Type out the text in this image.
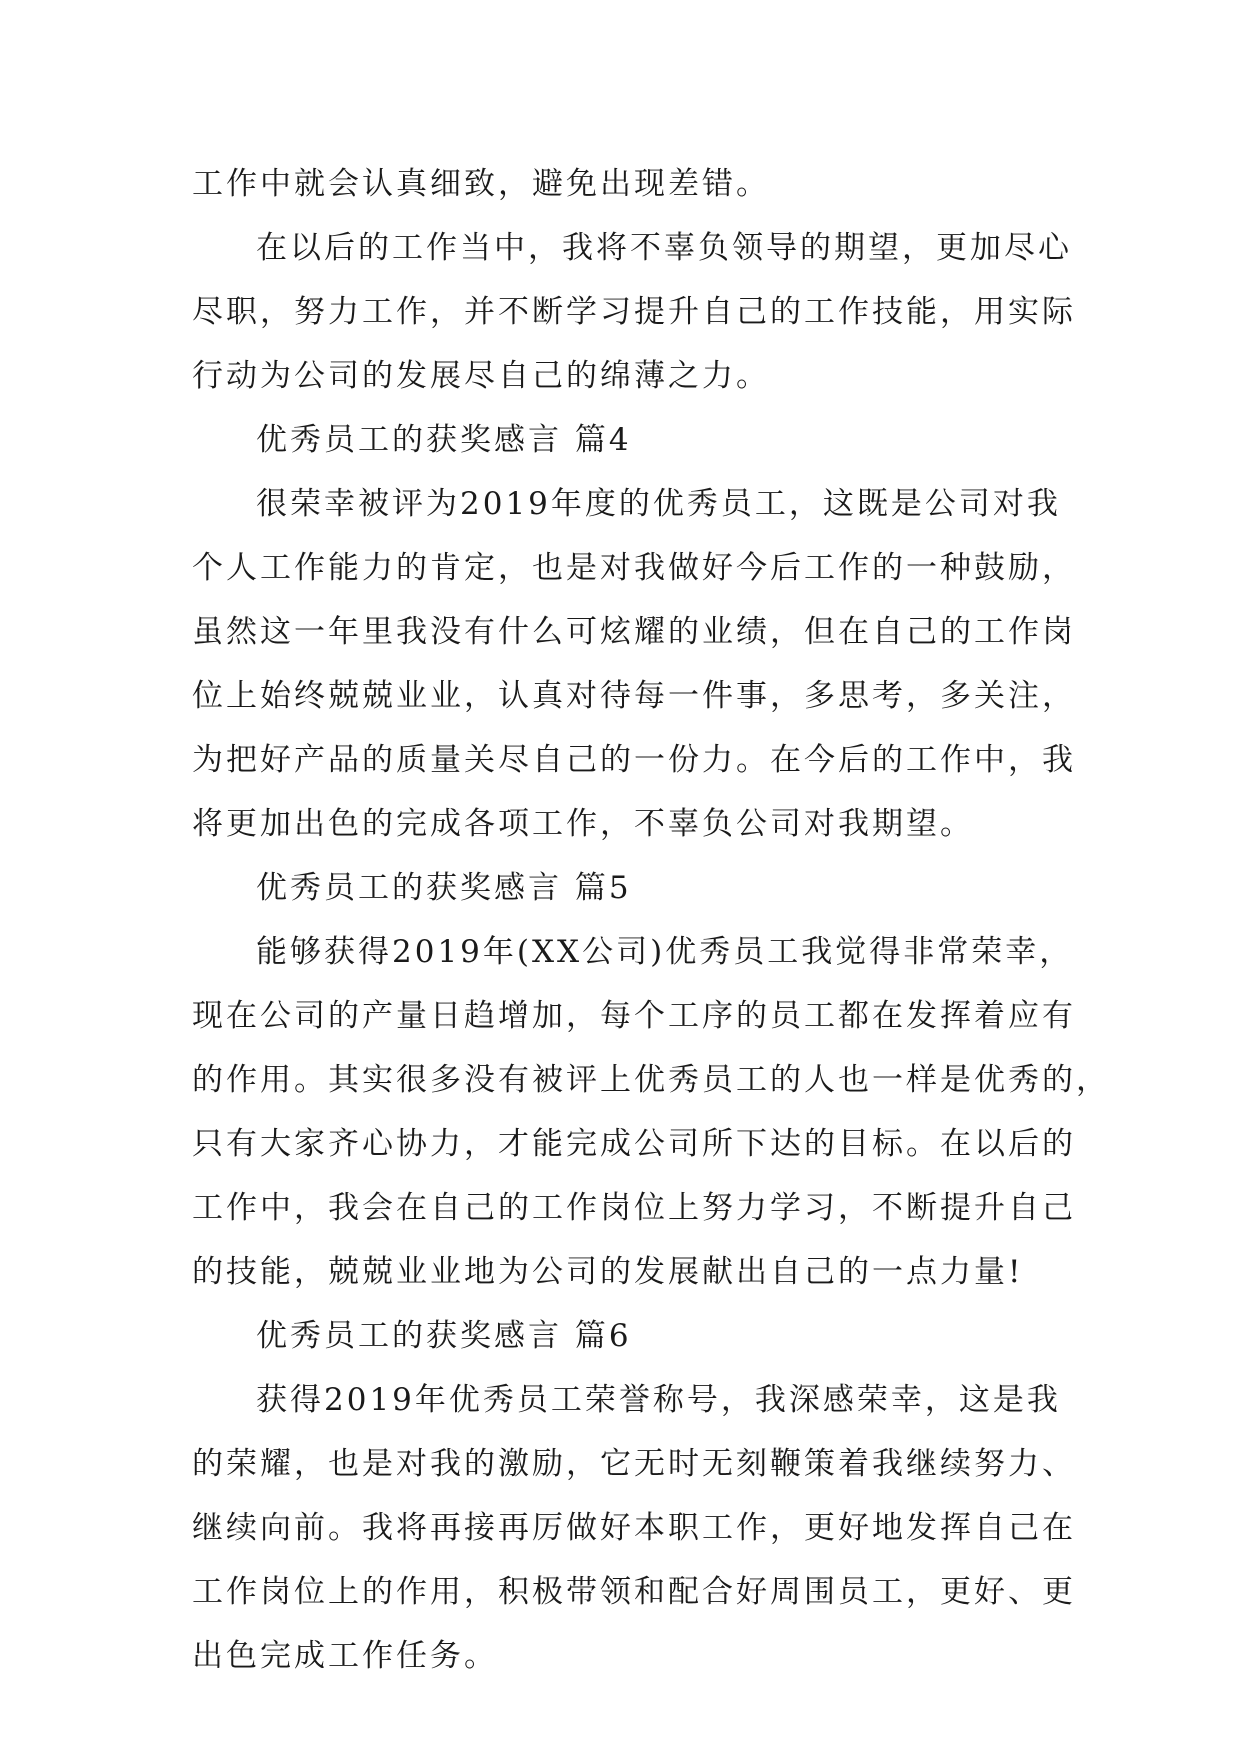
工作中就会认真细致，避免出现差错。
在以后的工作当中，我将不辜负领导的期望，更加尽心
尽职，努力工作，并不断学习提升自己的工作技能，用实际
行动为公司的发展尽自己的绵薄之力。
优秀员工的获奖感言 篇4
很荣幸被评为2019年度的优秀员工，这既是公司对我
个人工作能力的肯定，也是对我做好今后工作的一种鼓励，
虽然这一年里我没有什么可炫耀的业绩，但在自己的工作岗
位上始终兢兢业业，认真对待每一件事，多思考，多关注，
为把好产品的质量关尽自己的一份力。在今后的工作中，我
将更加出色的完成各项工作，不辜负公司对我期望。
优秀员工的获奖感言 篇5
能够获得2019年(XX公司)优秀员工我觉得非常荣幸，
现在公司的产量日趋增加，每个工序的员工都在发挥着应有
的作用。其实很多没有被评上优秀员工的人也一样是优秀的，
只有大家齐心协力，才能完成公司所下达的目标。在以后的
工作中，我会在自己的工作岗位上努力学习，不断提升自己
的技能，兢兢业业地为公司的发展献出自己的一点力量!
优秀员工的获奖感言 篇6
获得2019年优秀员工荣誉称号，我深感荣幸，这是我
的荣耀，也是对我的激励，它无时无刻鞭策着我继续努力、
继续向前。我将再接再厉做好本职工作，更好地发挥自己在
工作岗位上的作用，积极带领和配合好周围员工，更好、更
出色完成工作任务。
